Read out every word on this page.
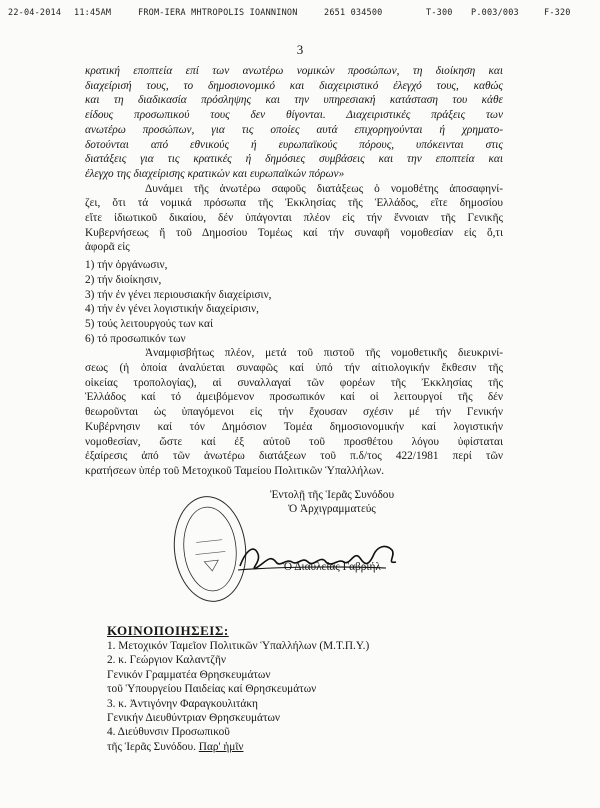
22-04-2014 11:45AM	FROM-IERA MHTROPOLIS IOANNINON	2651 034500	T-300 P.003/003	F-320
3
κρατική εποπτεία επί των ανωτέρω νομικών προσώπων, τη διοίκηση και
διαχείρισή τους, το δημοσιονομικό και διαχειριστικό έλεγχό τους, καθώς
και τη διαδικασία πρόσληψης και την υπηρεσιακή κατάσταση του κάθε
είδους προσωπικού τους δεν θίγονται. Διαχειριστικές πράξεις των
ανωτέρω προσώπων, για τις οποίες αυτά επιχορηγούνται ή χρηματο-
δοτούνται από εθνικούς ή ευρωπαϊκούς πόρους, υπόκεινται στις
διατάξεις για τις κρατικές ή δημόσιες συμβάσεις και την εποπτεία και
έλεγχο της διαχείρισης κρατικών και ευρωπαϊκών πόρων»
Δυνάμει τῆς ἀνωτέρω σαφοῦς διατάξεως ὁ νομοθέτης ἀποσαφηνί-
ζει, ὅτι τά νομικά πρόσωπα τῆς Ἐκκλησίας τῆς Ἑλλάδος, εἴτε δημοσίου
εἴτε ἰδιωτικοῦ δικαίου, δέν ὑπάγονται πλέον εἰς τήν ἔννοιαν τῆς Γενικῆς
Κυβερνήσεως ἤ τοῦ Δημοσίου Τομέως καί τήν συναφῆ νομοθεσίαν εἰς ὅ,τι
ἀφορᾶ εἰς
1) τήν ὀργάνωσιν,
2) τήν διοίκησιν,
3) τήν ἐν γένει περιουσιακήν διαχείρισιν,
4) τήν ἐν γένει λογιστικήν διαχείρισιν,
5) τούς λειτουργούς των καί
6) τό προσωπικόν των
Ἀναμφισβήτως πλέον, μετά τοῦ πιστοῦ τῆς νομοθετικῆς διευκρινί-
σεως (ἡ ὁποία ἀναλύεται συναφῶς καί ὑπό τήν αἰτιολογικήν ἔκθεσιν τῆς
οἰκείας τροπολογίας), αἱ συναλλαγαί τῶν φορέων τῆς Ἐκκλησίας τῆς
Ἑλλάδος καί τό ἀμειβόμενον προσωπικόν καί οἱ λειτουργοί τῆς δέν
θεωροῦνται ὡς ὑπαγόμενοι εἰς τήν ἔχουσαν σχέσιν μέ τήν Γενικήν
Κυβέρνησιν καί τόν Δημόσιον Τομέα δημοσιονομικήν καί λογιστικήν
νομοθεσίαν, ὥστε καί ἐξ αὐτοῦ τοῦ προσθέτου λόγου ὑφίσταται
ἐξαίρεσις ἀπό τῶν ἀνωτέρω διατάξεων τοῦ π.δ/τος 422/1981 περί τῶν
κρατήσεων ὑπέρ τοῦ Μετοχικοῦ Ταμείου Πολιτικῶν Ὑπαλλήλων.
Ἐντολῇ τῆς Ἱερᾶς Συνόδου
Ὁ Ἀρχιγραμματεύς
Ὁ Διαυλείας Γαβριήλ
ΚΟΙΝΟΠΟΙΗΣΕΙΣ:
1. Μετοχικόν Ταμεῖον Πολιτικῶν Ὑπαλλήλων (Μ.Τ.Π.Υ.)
2. κ. Γεώργιον Καλαντζῆν
Γενικόν Γραμματέα Θρησκευμάτων
τοῦ Ὑπουργείου Παιδείας καί Θρησκευμάτων
3. κ. Ἀντιγόνην Φαραγκουλιτάκη
Γενικήν Διευθύντριαν Θρησκευμάτων
4. Διεύθυνσιν Προσωπικοῦ
τῆς Ἱερᾶς Συνόδου. Παρ' ἡμῖν
